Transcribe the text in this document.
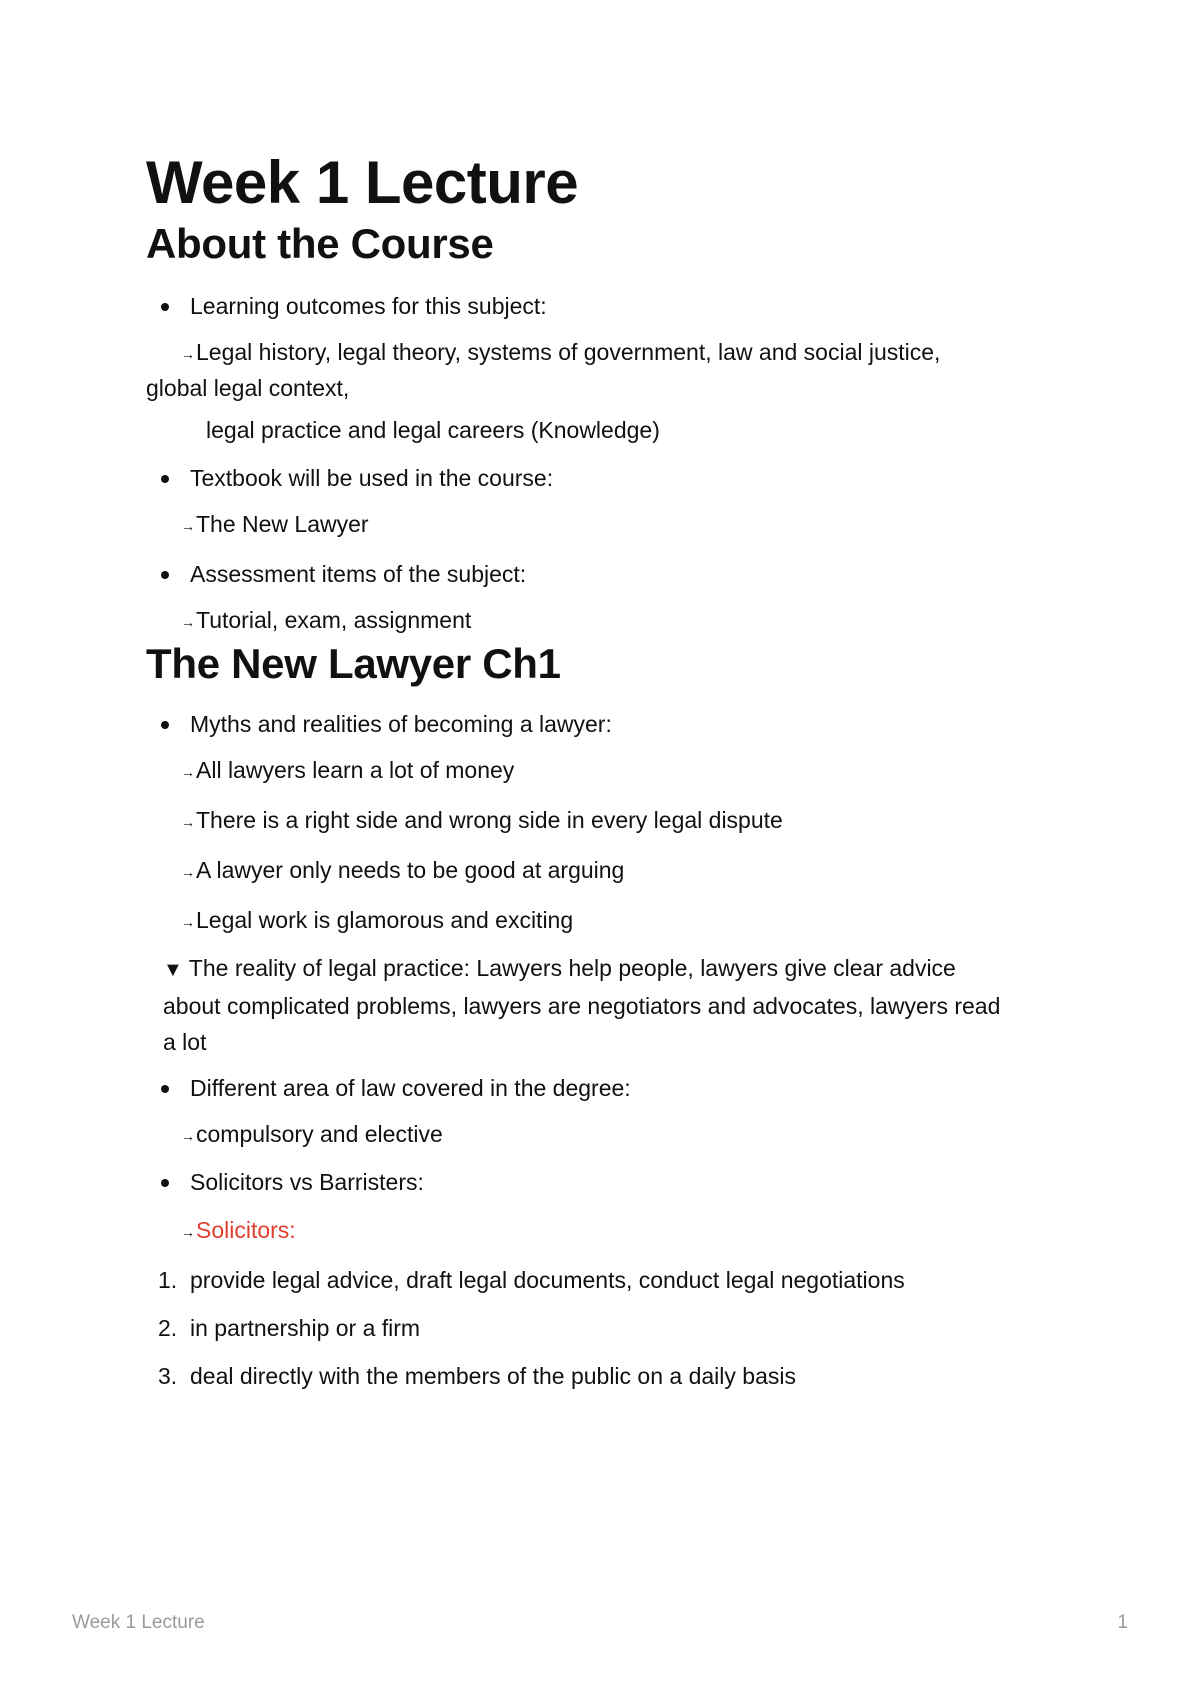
Week 1 Lecture
About the Course
Learning outcomes for this subject:
→Legal history, legal theory, systems of government, law and social justice,
global legal context,
legal practice and legal careers (Knowledge)
Textbook will be used in the course:
→The New Lawyer
Assessment items of the subject:
→Tutorial, exam, assignment
The New Lawyer Ch1
Myths and realities of becoming a lawyer:
→All lawyers learn a lot of money
→There is a right side and wrong side in every legal dispute
→A lawyer only needs to be good at arguing
→Legal work is glamorous and exciting
▼ The reality of legal practice: Lawyers help people, lawyers give clear advice
about complicated problems, lawyers are negotiators and advocates, lawyers read
a lot
Different area of law covered in the degree:
→compulsory and elective
Solicitors vs Barristers:
→Solicitors:
1. provide legal advice, draft legal documents, conduct legal negotiations
2. in partnership or a firm
3. deal directly with the members of the public on a daily basis
Week 1 Lecture	1
